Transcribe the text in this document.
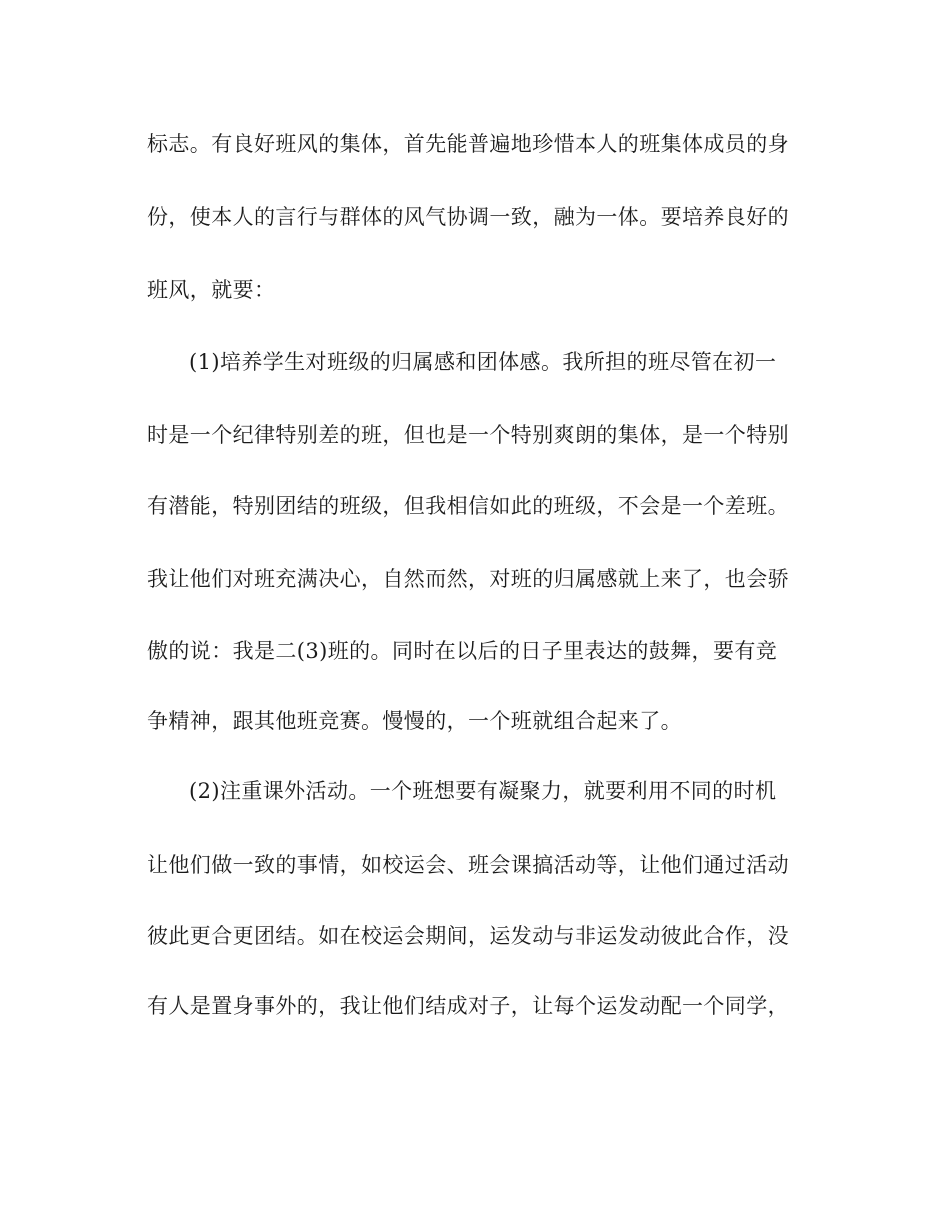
标志。有良好班风的集体，首先能普遍地珍惜本人的班集体成员的身
份，使本人的言行与群体的风气协调一致，融为一体。要培养良好的
班风，就要：
(1)培养学生对班级的归属感和团体感。我所担的班尽管在初一
时是一个纪律特别差的班，但也是一个特别爽朗的集体，是一个特别
有潜能，特别团结的班级，但我相信如此的班级，不会是一个差班。
我让他们对班充满决心，自然而然，对班的归属感就上来了，也会骄
傲的说：我是二(3)班的。同时在以后的日子里表达的鼓舞，要有竞
争精神，跟其他班竞赛。慢慢的，一个班就组合起来了。
(2)注重课外活动。一个班想要有凝聚力，就要利用不同的时机
让他们做一致的事情，如校运会、班会课搞活动等，让他们通过活动
彼此更合更团结。如在校运会期间，运发动与非运发动彼此合作，没
有人是置身事外的，我让他们结成对子，让每个运发动配一个同学，
